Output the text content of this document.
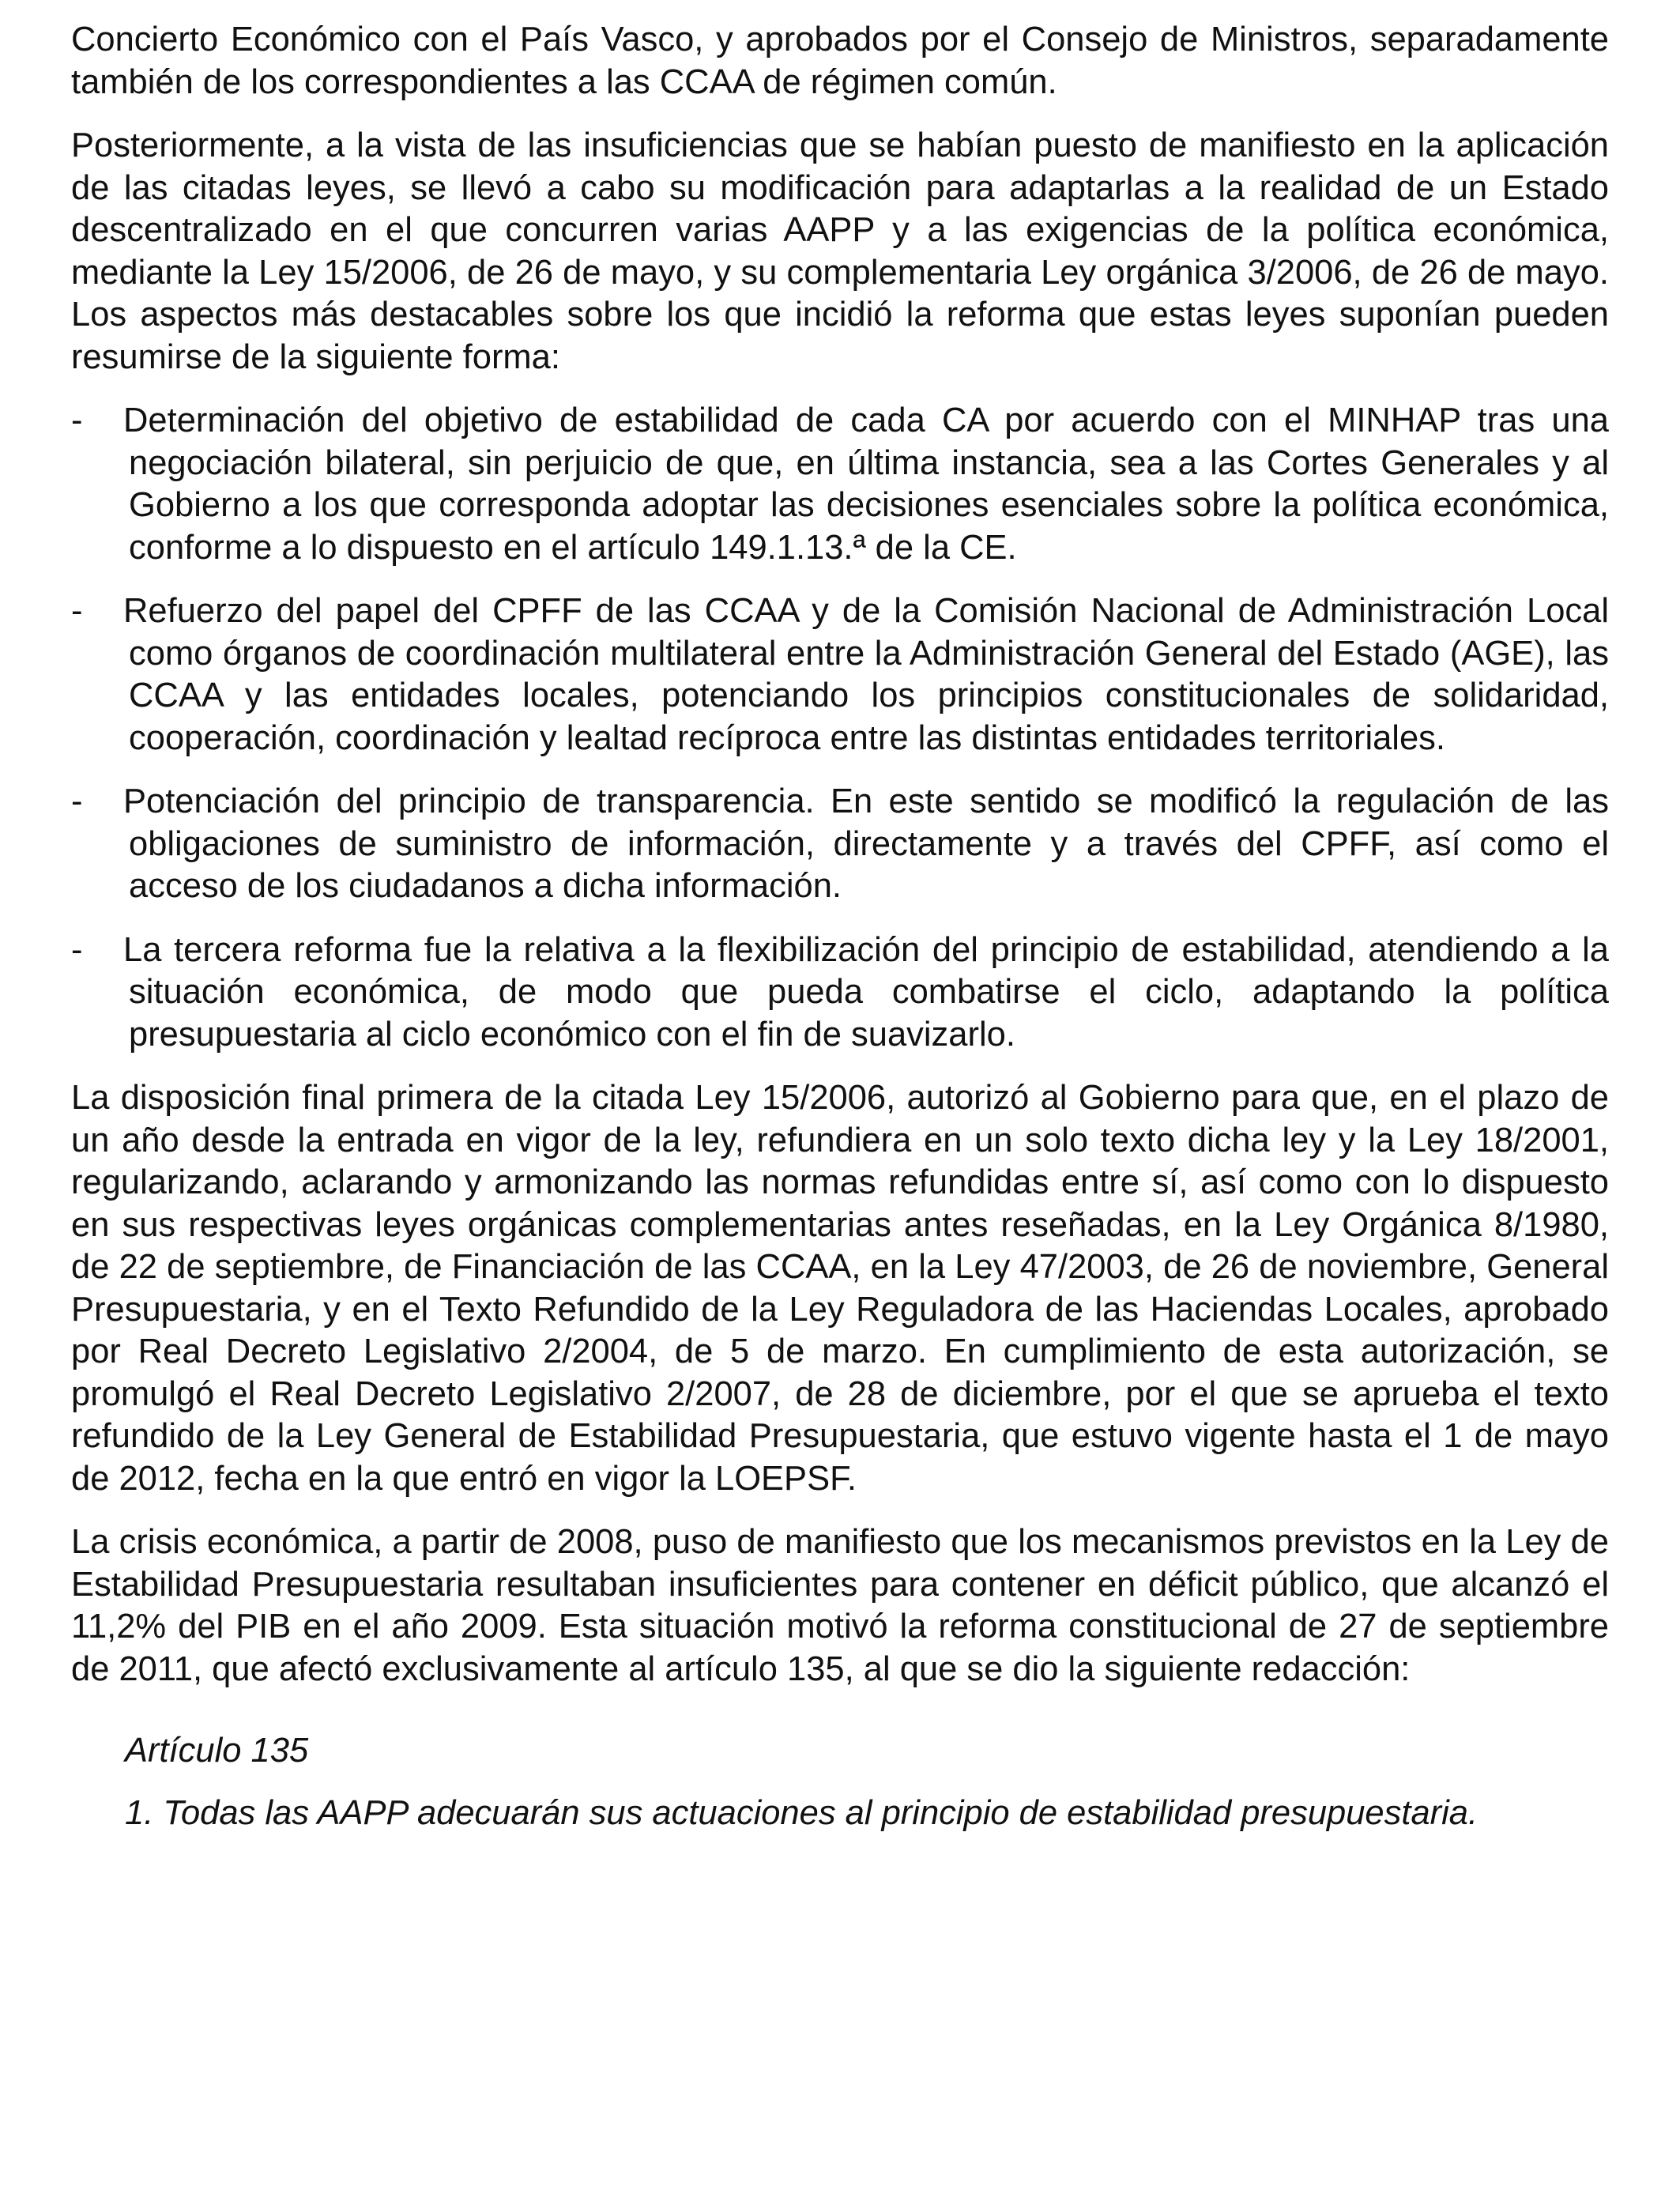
Concierto Económico con el País Vasco, y aprobados por el Consejo de Ministros, separadamente también de los correspondientes a las CCAA de régimen común.

Posteriormente, a la vista de las insuficiencias que se habían puesto de manifiesto en la aplicación de las citadas leyes, se llevó a cabo su modificación para adaptarlas a la realidad de un Estado descentralizado en el que concurren varias AAPP y a las exigencias de la política económica, mediante la Ley 15/2006, de 26 de mayo, y su complementaria Ley orgánica 3/2006, de 26 de mayo. Los aspectos más destacables sobre los que incidió la reforma que estas leyes suponían pueden resumirse de la siguiente forma:

-	Determinación del objetivo de estabilidad de cada CA por acuerdo con el MINHAP tras una negociación bilateral, sin perjuicio de que, en última instancia, sea a las Cortes Generales y al Gobierno a los que corresponda adoptar las decisiones esenciales sobre la política económica, conforme a lo dispuesto en el artículo 149.1.13.ª de la CE.
-	Refuerzo del papel del CPFF de las CCAA y de la Comisión Nacional de Administración Local como órganos de coordinación multilateral entre la Administración General del Estado (AGE), las CCAA y las entidades locales, potenciando los principios constitucionales de solidaridad, cooperación, coordinación y lealtad recíproca entre las distintas entidades territoriales.
-	Potenciación del principio de transparencia. En este sentido se modificó la regulación de las obligaciones de suministro de información, directamente y a través del CPFF, así como el acceso de los ciudadanos a dicha información.
-	La tercera reforma fue la relativa a la flexibilización del principio de estabilidad, atendiendo a la situación económica, de modo que pueda combatirse el ciclo, adaptando la política presupuestaria al ciclo económico con el fin de suavizarlo.

La disposición final primera de la citada Ley 15/2006, autorizó al Gobierno para que, en el plazo de un año desde la entrada en vigor de la ley, refundiera en un solo texto dicha ley y la Ley 18/2001, regularizando, aclarando y armonizando las normas refundidas entre sí, así como con lo dispuesto en sus respectivas leyes orgánicas complementarias antes reseñadas, en la Ley Orgánica 8/1980, de 22 de septiembre, de Financiación de las CCAA, en la Ley 47/2003, de 26 de noviembre, General Presupuestaria, y en el Texto Refundido de la Ley Reguladora de las Haciendas Locales, aprobado por Real Decreto Legislativo 2/2004, de 5 de marzo. En cumplimiento de esta autorización, se promulgó el Real Decreto Legislativo 2/2007, de 28 de diciembre, por el que se aprueba el texto refundido de la Ley General de Estabilidad Presupuestaria, que estuvo vigente hasta el 1 de mayo de 2012, fecha en la que entró en vigor la LOEPSF.

La crisis económica, a partir de 2008, puso de manifiesto que los mecanismos previstos en la Ley de Estabilidad Presupuestaria resultaban insuficientes para contener en déficit público, que alcanzó el 11,2% del PIB en el año 2009. Esta situación motivó la reforma constitucional de 27 de septiembre de 2011, que afectó exclusivamente al artículo 135, al que se dio la siguiente redacción:

Artículo 135

1. Todas las AAPP adecuarán sus actuaciones al principio de estabilidad presupuestaria.
